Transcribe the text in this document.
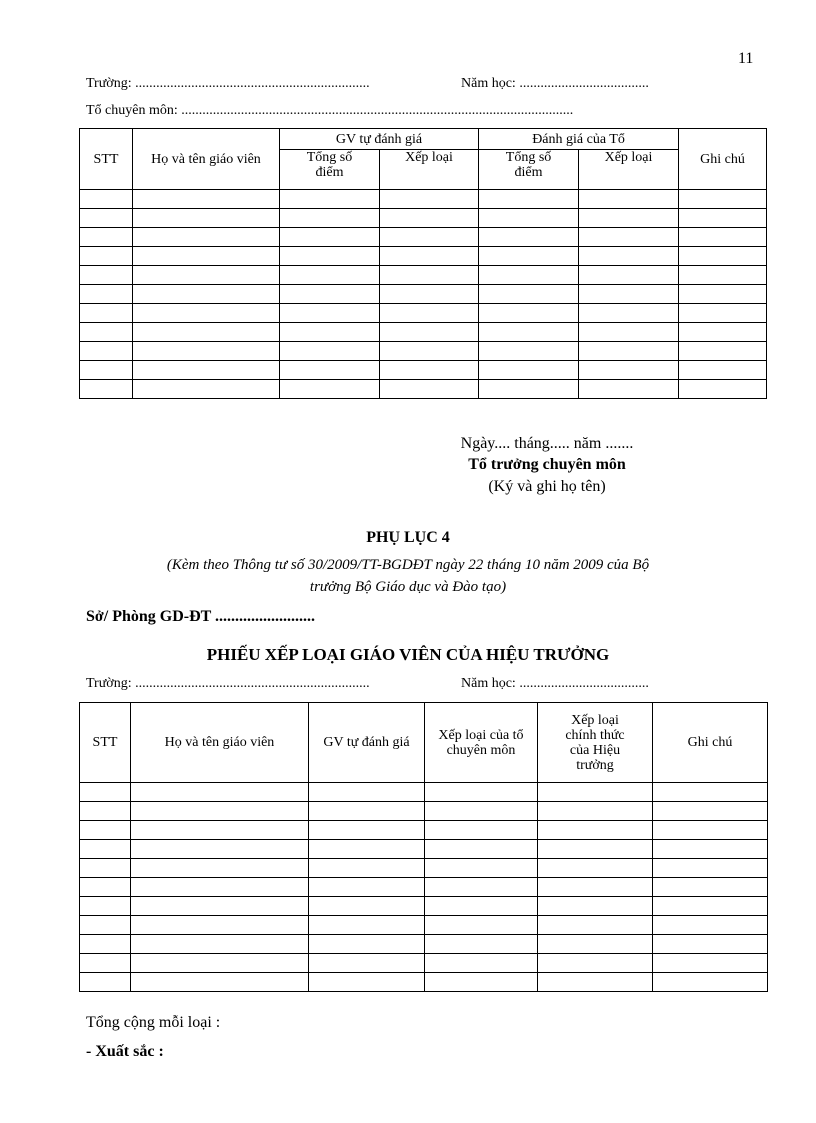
11
Trường: ...................................................................	Năm học: .....................................
Tổ chuyên môn: ................................................................................................................
STT	Họ và tên giáo viên	GV tự đánh giá		Đánh giá của Tổ		Ghi chú
		Tổng số điểm	Xếp loại	Tổng số điểm	Xếp loại	

Ngày.... tháng..... năm .......
Tổ trưởng chuyên môn
(Ký và ghi họ tên)
PHỤ LỤC 4
(Kèm theo Thông tư số 30/2009/TT-BGDĐT ngày 22 tháng 10 năm 2009 của Bộ
trưởng Bộ Giáo dục và Đào tạo)
Sở/ Phòng GD-ĐT .........................
PHIẾU XẾP LOẠI GIÁO VIÊN CỦA HIỆU TRƯỞNG
Trường: ...................................................................	Năm học: .....................................
STT	Họ và tên giáo viên	GV tự đánh giá	Xếp loại của tổ chuyên môn	Xếp loại chính thức của Hiệu trưởng	Ghi chú

Tổng cộng mỗi loại :
- Xuất sắc :
